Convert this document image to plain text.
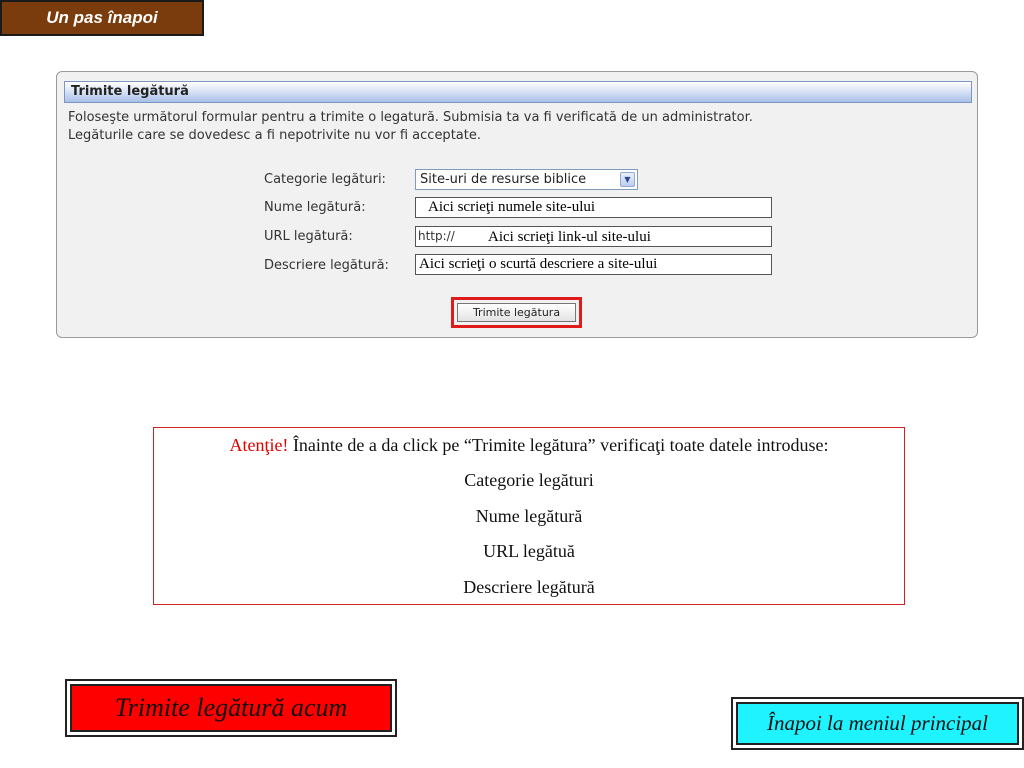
Un pas înapoi
Trimite legătură
Foloseşte următorul formular pentru a trimite o legatură. Submisia ta va fi verificată de un administrator.
Legăturile care se dovedesc a fi nepotrivite nu vor fi acceptate.
Categorie legături:	Site-uri de resurse biblice	▼
Nume legătură:	Aici scrieţi numele site-ului
URL legătură:	http:// Aici scrieţi link-ul site-ului
Descriere legătură: Aici scrieţi o scurtă descriere a site-ului
Trimite legătura
Atenţie! Înainte de a da click pe “Trimite legătura” verificaţi toate datele introduse:
Categorie legături
Nume legătură
URL legătuă
Descriere legătură
Trimite legătură acum
Înapoi la meniul principal
